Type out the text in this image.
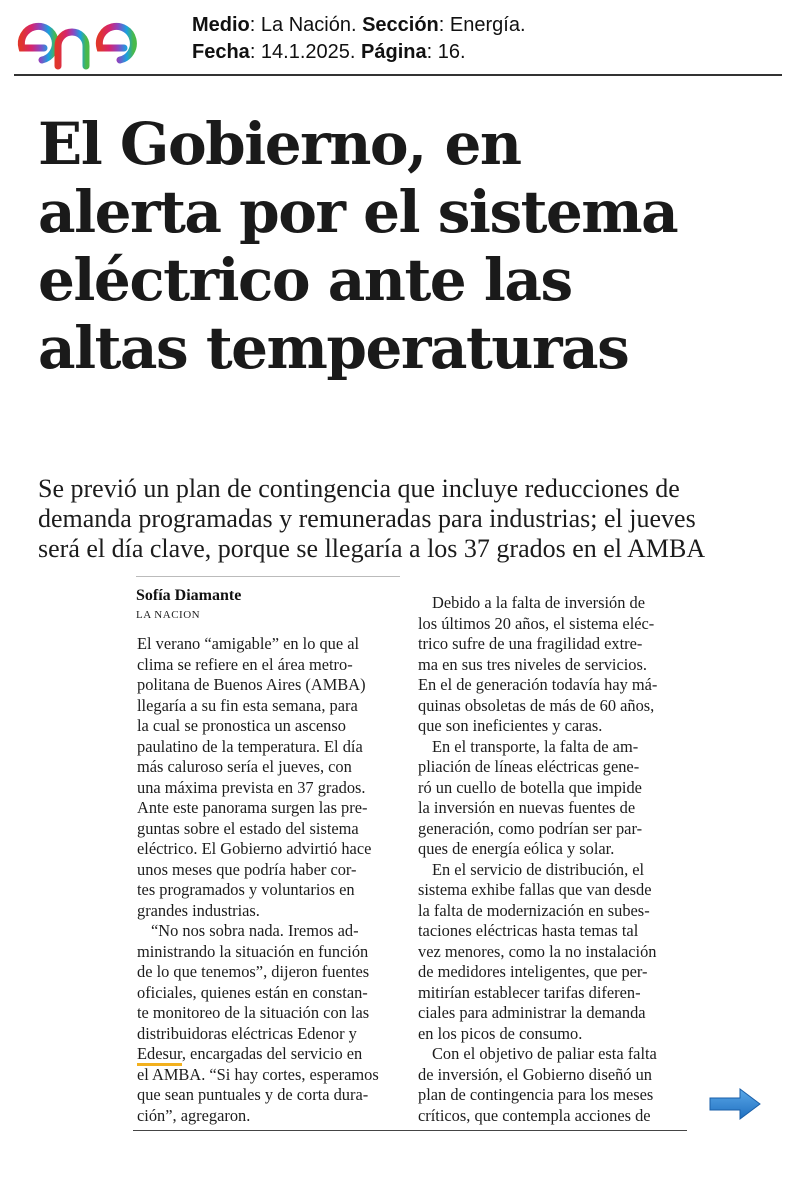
Medio: La Nación. Sección: Energía.
Fecha: 14.1.2025. Página: 16.
El Gobierno, en
alerta por el sistema
eléctrico ante las
altas temperaturas
Se previó un plan de contingencia que incluye reducciones de
demanda programadas y remuneradas para industrias; el jueves
será el día clave, porque se llegaría a los 37 grados en el AMBA
Sofía Diamante
LA NACION
El verano “amigable” en lo que al
clima se refiere en el área metro-
politana de Buenos Aires (AMBA)
llegaría a su fin esta semana, para
la cual se pronostica un ascenso
paulatino de la temperatura. El día
más caluroso sería el jueves, con
una máxima prevista en 37 grados.
Ante este panorama surgen las pre-
guntas sobre el estado del sistema
eléctrico. El Gobierno advirtió hace
unos meses que podría haber cor-
tes programados y voluntarios en
grandes industrias.
“No nos sobra nada. Iremos ad-
ministrando la situación en función
de lo que tenemos”, dijeron fuentes
oficiales, quienes están en constan-
te monitoreo de la situación con las
distribuidoras eléctricas Edenor y
Edesur, encargadas del servicio en
el AMBA. “Si hay cortes, esperamos
que sean puntuales y de corta dura-
ción”, agregaron.
Debido a la falta de inversión de
los últimos 20 años, el sistema eléc-
trico sufre de una fragilidad extre-
ma en sus tres niveles de servicios.
En el de generación todavía hay má-
quinas obsoletas de más de 60 años,
que son ineficientes y caras.
En el transporte, la falta de am-
pliación de líneas eléctricas gene-
ró un cuello de botella que impide
la inversión en nuevas fuentes de
generación, como podrían ser par-
ques de energía eólica y solar.
En el servicio de distribución, el
sistema exhibe fallas que van desde
la falta de modernización en subes-
taciones eléctricas hasta temas tal
vez menores, como la no instalación
de medidores inteligentes, que per-
mitirían establecer tarifas diferen-
ciales para administrar la demanda
en los picos de consumo.
Con el objetivo de paliar esta falta
de inversión, el Gobierno diseñó un
plan de contingencia para los meses
críticos, que contempla acciones de
